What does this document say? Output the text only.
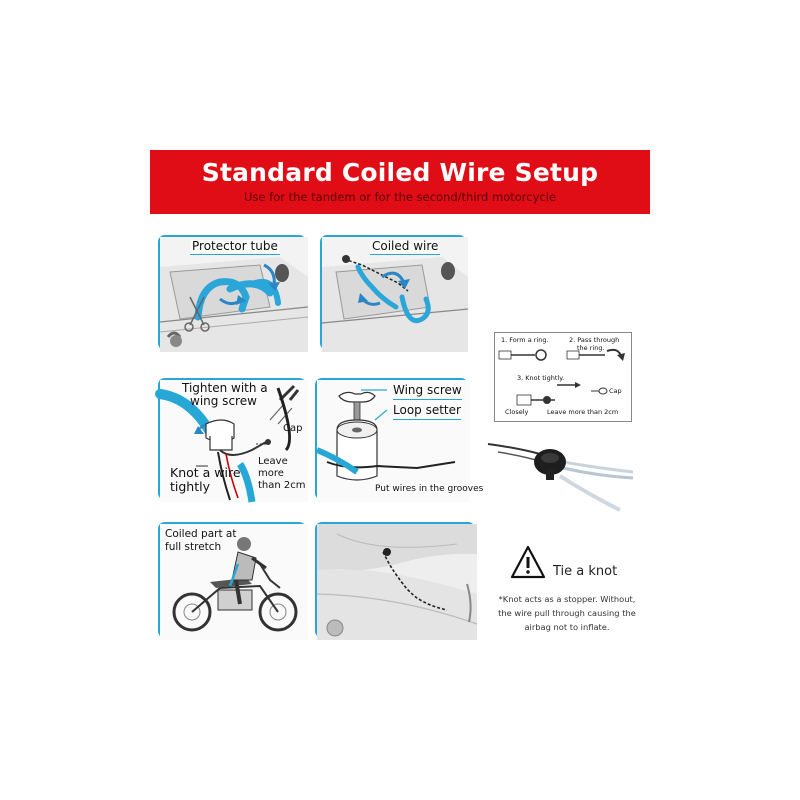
Standard Coiled Wire Setup
Use for the tandem or for the second/third motorcycle
Protector tube	Coiled wire
1. Form a ring.	2. Pass through
the ring.
3. Knot tightly.
Cap
Closely	Leave more than 2cm
Tighten with a
wing screw
Cap
Leave
more
than 2cm
Knot a wire
tightly
Wing screw
Loop setter
Put wires in the grooves
Coiled part at
full stretch
Tie a knot
*Knot acts as a stopper. Without,
the wire pull through causing the
airbag not to inflate.
